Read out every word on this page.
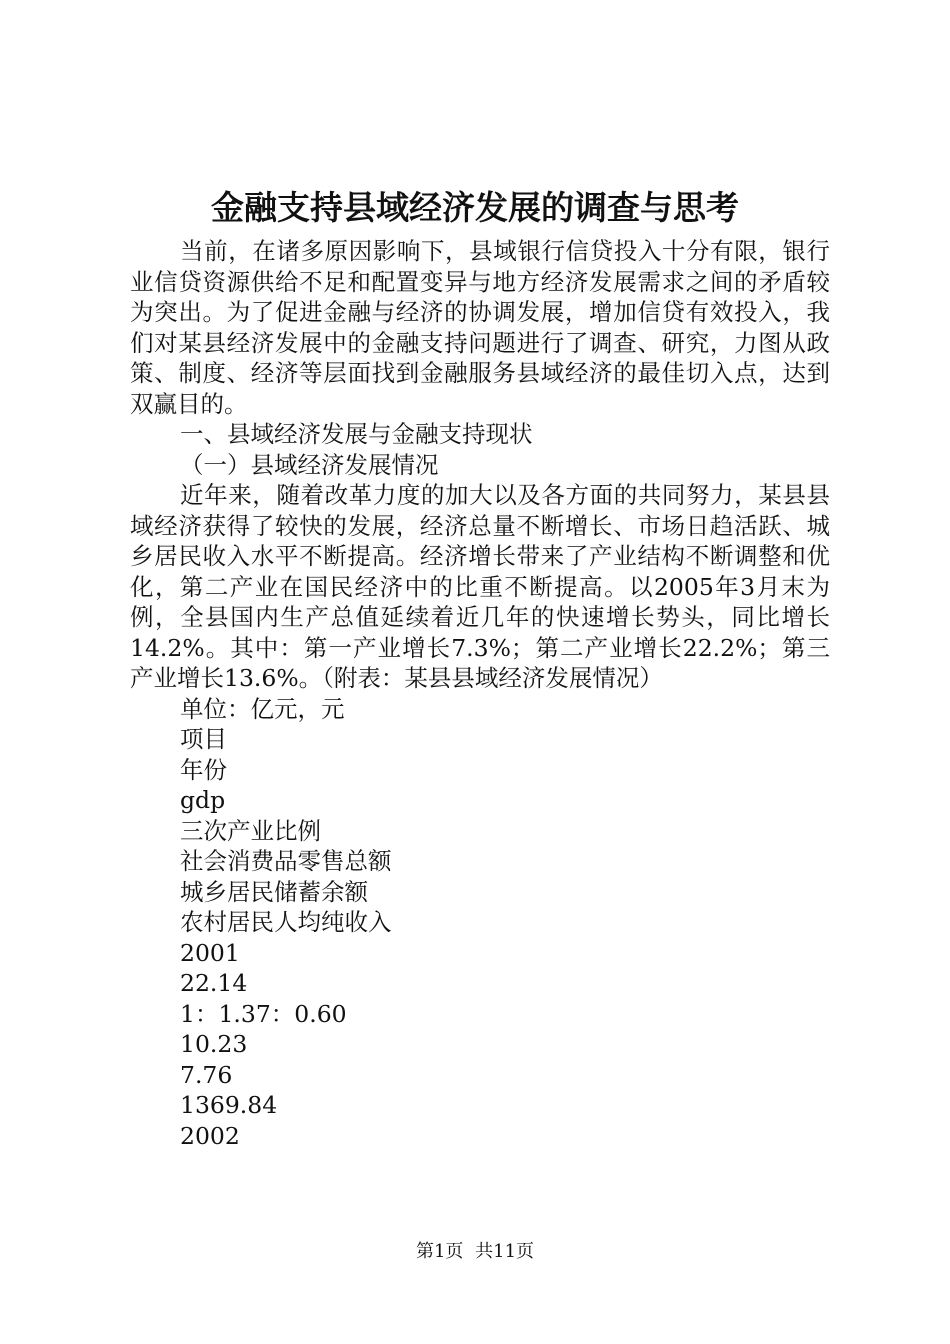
金融支持县域经济发展的调查与思考

当前，在诸多原因影响下，县域银行信贷投入十分有限，银行业信贷资源供给不足和配置变异与地方经济发展需求之间的矛盾较为突出。为了促进金融与经济的协调发展，增加信贷有效投入，我们对某县经济发展中的金融支持问题进行了调查、研究，力图从政策、制度、经济等层面找到金融服务县域经济的最佳切入点，达到双赢目的。

一、县域经济发展与金融支持现状

（一）县域经济发展情况

近年来，随着改革力度的加大以及各方面的共同努力，某县县域经济获得了较快的发展，经济总量不断增长、市场日趋活跃、城乡居民收入水平不断提高。经济增长带来了产业结构不断调整和优化，第二产业在国民经济中的比重不断提高。以2005年3月末为例，全县国内生产总值延续着近几年的快速增长势头，同比增长14.2%。其中：第一产业增长7.3%；第二产业增长22.2%；第三产业增长13.6%。（附表：某县县域经济发展情况）

单位：亿元，元

项目

年份

gdp

三次产业比例

社会消费品零售总额

城乡居民储蓄余额

农村居民人均纯收入

2001

22.14

1：1.37：0.60

10.23

7.76

1369.84

2002

第1页 共11页
